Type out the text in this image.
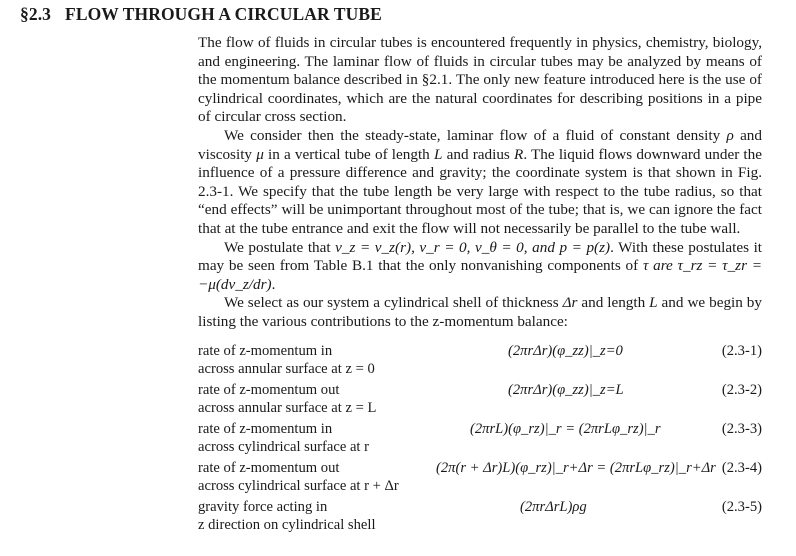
§2.3 FLOW THROUGH A CIRCULAR TUBE

The flow of fluids in circular tubes is encountered frequently in physics, chemistry, biology, and engineering. The laminar flow of fluids in circular tubes may be analyzed by means of the momentum balance described in §2.1. The only new feature introduced here is the use of cylindrical coordinates, which are the natural coordinates for describing positions in a pipe of circular cross section.

We consider then the steady-state, laminar flow of a fluid of constant density ρ and viscosity μ in a vertical tube of length L and radius R. The liquid flows downward under the influence of a pressure difference and gravity; the coordinate system is that shown in Fig. 2.3-1. We specify that the tube length be very large with respect to the tube radius, so that “end effects” will be unimportant throughout most of the tube; that is, we can ignore the fact that at the tube entrance and exit the flow will not necessarily be parallel to the tube wall.

We postulate that v_z = v_z(r), v_r = 0, v_θ = 0, and p = p(z). With these postulates it may be seen from Table B.1 that the only nonvanishing components of τ are τ_rz = τ_zr = −μ(dv_z/dr).

We select as our system a cylindrical shell of thickness Δr and length L and we begin by listing the various contributions to the z-momentum balance:

rate of z-momentum in
across annular surface at z = 0
(2πrΔr)(φ_zz)|_z=0	(2.3-1)
rate of z-momentum out
across annular surface at z = L
(2πrΔr)(φ_zz)|_z=L	(2.3-2)
rate of z-momentum in
across cylindrical surface at r
(2πrL)(φ_rz)|_r = (2πrLφ_rz)|_r	(2.3-3)
rate of z-momentum out
across cylindrical surface at r + Δr
(2π(r + Δr)L)(φ_rz)|_r+Δr = (2πrLφ_rz)|_r+Δr (2.3-4)
gravity force acting in
z direction on cylindrical shell
(2πrΔrL)ρg	(2.3-5)
